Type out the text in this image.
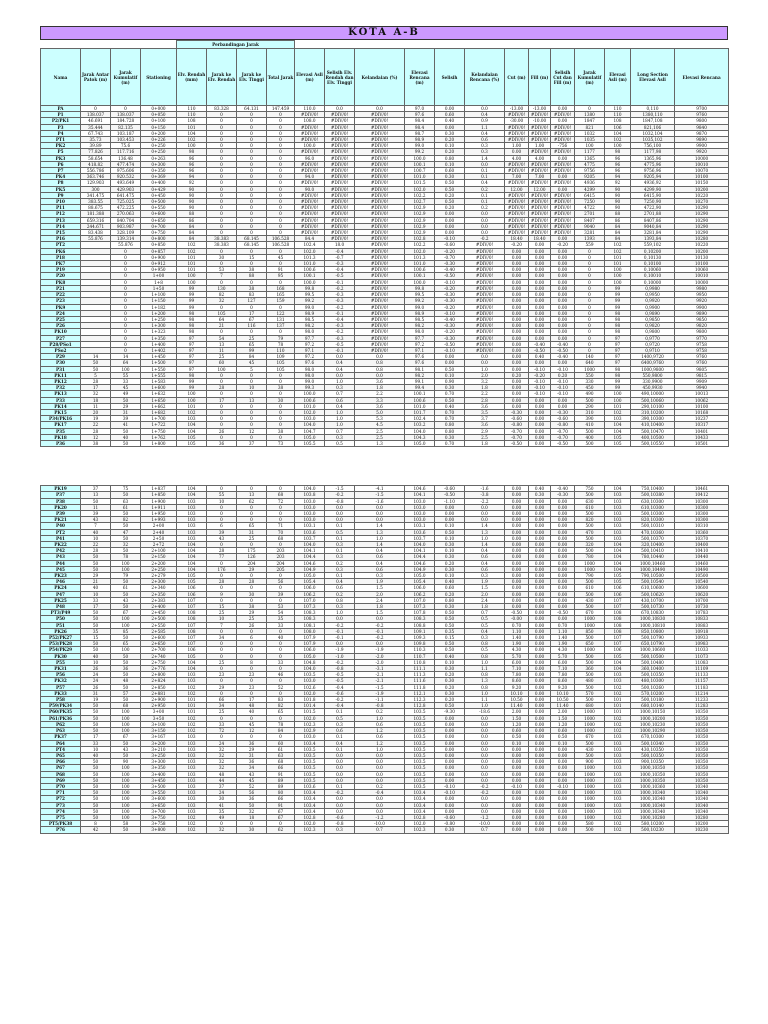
KOTA A-B
				Perbandingan Jarak																
Nama	Jarak Antar Patok (m)	Jarak Kumulatif (m)	Stationing	Elv. Rendah (mm)	Jarak ke Elv. Rendah	Jarak ke Elv. Tinggi	Total Jarak	Elevasi Asli (m)	Selisih Elv. Rendah dan Elv. Tinggi	Kelandaian (%)	Elevasi Rencana (m)	Selisih	Kelandaian Rencana (%)	Cut (m)	Fill (m)	Selisih Cut dan Fill (m)	Jarak Kumulatif (m)	Elevasi Asli (m)	Long Section Elevasi Asli	Elevasi Rencana
PA	0	0	0+000	110	83.328	64.131	147.459	110.0	0.0	0.0	97.0	0.00	0.0	-13.00	-13.00	0.00	0	110	0,110	9700
P1	138.037	138.037	0+050	110	0	0	0	#DIV/0!	#DIV/0!	#DIV/0!	97.6	0.60	0.4	#DIV/0!	#DIV/0!	#DIV/0!	1380	110	1380,110	9760
P2/PK1	46.691	184.728	0+100	108	0	0	0	108.0	#DIV/0!	#DIV/0!	98.4	0.40	0.9	-30.00	-10.00	0.00	1847	108	1847,108	9800
P3	35.444	82.135	0+150	101	0	0	0	#DIV/0!	#DIV/0!	#DIV/0!	98.4	0.00	1.1	#DIV/0!	#DIV/0!	#DIV/0!	821	106	821,106	9840
P4	67.743	103.187	0+200	104	0	0	0	#DIV/0!	#DIV/0!	#DIV/0!	98.7	0.30	0.4	#DIV/0!	#DIV/0!	#DIV/0!	1032	104	1032,104	9870
PT1	35.73	103.453	0+226	102	0	0	0	#DIV/0!	#DIV/0!	#DIV/0!	98.9	0.20	0.6	#DIV/0!	#DIV/0!	#DIV/0!	1035	102	1035,102	9890
PK2	39.89	75.6	0+250	100	0	0	0	100.0	#DIV/0!	#DIV/0!	99.0	0.10	0.3	1.00	1.00	-756	100	100	756,100	9900
P5	77.826	117.716	0+250	98	0	0	0	#DIV/0!	#DIV/0!	#DIV/0!	99.2	0.20	0.3	0.00	#DIV/0!	#DIV/0!	1177	98	1177,98	9920
PK3	58.654	136.48	0+263	96	0	0	0	96.0	#DIV/0!	#DIV/0!	100.0	0.80	1.4	4.00	4.00	0.00	1365	96	1365,96	10000
P6	418.82	477.474	0+300	96	0	0	0	#DIV/0!	#DIV/0!	#DIV/0!	100.1	0.10	0.0	#DIV/0!	#DIV/0!	#DIV/0!	4775	96	4775,96	10010
P7	556.786	975.606	0+350	96	0	0	0	#DIV/0!	#DIV/0!	#DIV/0!	100.7	0.60	0.1	#DIV/0!	#DIV/0!	#DIV/0!	9756	96	9756,96	10070
PK4	363.746	920.532	0+369	94	0	0	0	94.0	#DIV/0!	#DIV/0!	101.0	0.30	0.1	7.00	7.00	0.00	9205	94	9205,94	10100
P8	129.903	493.649	0+400	92	0	0	0	#DIV/0!	#DIV/0!	#DIV/0!	101.5	0.50	0.4	#DIV/0!	#DIV/0!	#DIV/0!	4936	92	4936,92	10150
PK5	300	429.903	0+429	90	0	0	0	90.0	#DIV/0!	#DIV/0!	102.0	0.50	0.2	12.00	12.00	0.00	4299	90	4299,90	10200
P9	341.475	641.475	0+450	90	0	0	0	#DIV/0!	#DIV/0!	#DIV/0!	102.2	0.20	0.1	#DIV/0!	#DIV/0!	#DIV/0!	6415	90	6415,90	10220
P10	383.55	725.025	0+500	90	0	0	0	#DIV/0!	#DIV/0!	#DIV/0!	102.7	0.50	0.1	#DIV/0!	#DIV/0!	#DIV/0!	7250	90	7250,90	10270
P11	88.675	472.225	0+550	90	0	0	0	#DIV/0!	#DIV/0!	#DIV/0!	102.9	0.20	0.2	#DIV/0!	#DIV/0!	#DIV/0!	4722	90	4722,90	10290
P12	181.388	270.063	0+600	88	0	0	0	#DIV/0!	#DIV/0!	#DIV/0!	102.9	0.00	0.0	#DIV/0!	#DIV/0!	#DIV/0!	2701	88	2701,88	10290
P13	659.316	840.704	0+650	86	0	0	0	#DIV/0!	#DIV/0!	#DIV/0!	102.9	0.00	0.0	#DIV/0!	#DIV/0!	#DIV/0!	8407	86	8407,86	10290
P14	244.671	903.987	0+700	84	0	0	0	#DIV/0!	#DIV/0!	#DIV/0!	102.9	0.00	0.0	#DIV/0!	#DIV/0!	#DIV/0!	9040	84	9040,84	10290
P15	83.438	328.109	0+750	84	0	0	0	#DIV/0!	#DIV/0!	#DIV/0!	102.9	0.00	0.0	#DIV/0!	#DIV/0!	#DIV/0!	3281	84	3281,84	10290
P16	55.876	139.314	0+800	84	38.383	68.145	106.528	84.4	#DIV/0!	#DIV/0!	102.8	-0.10	-0.2	18.40	18.40	0.00	1393	84	1393,84	10280
PT2		55.876	0+850	102	38.383	68.145	106.528	102.4	18.0	#DIV/0!	102.2	-0.60	#DIV/0!	-0.20	0.00	-0.20	559	102	559,102	10220
PK6		0	0+857	102	0	0	0	102.0	-0.4	#DIV/0!	102.0	-0.20	#DIV/0!	0.00	0.00	0.00	0	102	0,10200	10200
P18		0	0+900	101	30	15	45	101.3	-0.7	#DIV/0!	101.3	-0.70	#DIV/0!	0.00	0.00	0.00	0	101	0,10130	10130
PK7		0	0+912	101	0	0	0	101.0	-0.3	#DIV/0!	101.0	-0.30	#DIV/0!	0.00	0.00	0.00	0	101	0,10100	10100
P19		0	0+950	101	53	38	91	100.6	-0.4	#DIV/0!	100.6	-0.40	#DIV/0!	0.00	0.00	0.00	0	100	0,10060	10060
P20		0	1+00	100	7	88	95	100.1	-0.5	#DIV/0!	100.1	-0.50	#DIV/0!	0.00	0.00	0.00	0	100	0,10010	10010
PK8		0	1+8	100	0	0	0	100.0	-0.1	#DIV/0!	100.0	-0.10	#DIV/0!	0.00	0.00	0.00	0	100	0,10000	10000
P21		0	1+50	99	130	38	168	99.8	-0.2	#DIV/0!	99.8	-0.20	#DIV/0!	0.00	0.00	0.00	0	99	0,9980	9980
P22		0	1+100	99	82	83	165	99.5	-0.3	#DIV/0!	99.5	-0.30	#DIV/0!	0.00	0.00	0.00	0	99	0,9950	9950
P23		0	1+150	99	32	127	159	99.2	-0.3	#DIV/0!	99.2	-0.30	#DIV/0!	0.00	0.00	0.00	0	99	0,9920	9920
PK9		0	1+182	99	0	0	0	99.0	-0.2	#DIV/0!	99.0	-0.20	#DIV/0!	0.00	0.00	0.00	0	99	0,9900	9900
P24		0	1+200	98	105	17	122	98.9	-0.1	#DIV/0!	98.9	-0.10	#DIV/0!	0.00	0.00	0.00	0	98	0,9890	9890
P25		0	1+250	98	64	67	131	98.5	-0.4	#DIV/0!	98.5	-0.40	#DIV/0!	0.00	0.00	0.00	0	98	0,9850	9850
P26		0	1+300	98	21	116	137	98.2	-0.3	#DIV/0!	98.2	-0.30	#DIV/0!	0.00	0.00	0.00	0	98	0,9820	9820
PK10		0	1+323	98	0	0	0	98.0	-0.2	#DIV/0!	98.0	-0.20	#DIV/0!	0.00	0.00	0.00	0	98	0,9800	9800
P27		0	1+350	97	54	25	79	97.7	-0.3	#DIV/0!	97.7	-0.30	#DIV/0!	0.00	0.00	0.00	0	97	0,9770	9770
P28/PSo1		0	1+400	97	13	65	78	97.2	-0.5	#DIV/0!	97.2	-0.50	#DIV/0!	0.00	-0.40	-0.40	0	97	0,9720	9758
PSo2		0	1+402	97	11	99	110	97.1	-0.1	#DIV/0!	97.1	-0.10	#DIV/0!	0.00	-0.50	-0.50	0	97	0,9710	9758
P29	14	14	1+450	97	25	84	109	97.2	0.0	0.0	97.6	0.00	0.0	0.00	0.40	-0.40	140	97	1400,9720	9760
P30	50	64	1+500	97	60	45	105	97.6	0.4	0.8	97.6	0.00	0.0	0.00	0.00	0.00	640	97	6400,9760	9760
P31	50	100	1+550	97	100	5	105	98.0	0.4	0.8	98.1	0.50	1.0	0.00	-0.10	-0.10	1000	98	1000,9800	9805
PK11	5	55	1+555	98	0	0	0	98.0	0.0	0.0	98.2	0.10	2.0	0.20	-0.20	0.20	550	98	550,9800	9815
PK12	28	33	1+583	99	0	0	0	99.0	1.0	3.6	99.1	0.90	3.2	0.00	-0.10	-0.10	330	99	330,9900	9909
P32	17	45	1+600	99	28	10	38	99.3	0.3	1.8	99.4	0.30	1.8	0.00	-0.10	-0.10	450	99	450,9930	9940
PK13	32	49	1+632	100	0	0	0	100.0	0.7	2.2	100.1	0.70	2.2	0.00	-0.10	-0.10	490	100	490,10000	10013
P33	18	50	1+650	100	17	13	30	100.6	0.6	3.3	100.6	0.50	2.8	0.00	0.00	0.00	500	100	500,10060	10062
PK14	11	29	1+662	101	0	0	0	101.0	0.4	3.6	101.0	0.40	3.6	0.00	0.00	0.00	290	101	290,10100	10100
PK15	20	31	1+682	102	0	0	0	102.0	1.0	5.0	101.7	0.70	3.5	-0.30	0.00	-0.30	310	102	310,10200	10168
P34/PK16	19	39	1+700	103	0	0	0	103.0	1.0	5.3	102.4	0.70	3.7	-0.60	0.00	-0.60	390	103	390,10300	10237
PK17	22	41	1+722	104	0	0	0	104.0	1.0	4.5	103.2	0.80	3.6	-0.80	0.00	-0.80	410	104	410,10400	10317
P35	28	50	1+750	104	26	12	38	104.7	0.7	2.5	104.0	0.80	2.9	-0.70	0.00	-0.70	500	104	500,10470	10401
PK18	12	40	1+762	105	0	0	0	105.0	0.3	2.5	104.3	0.30	2.5	-0.70	0.00	-0.70	400	105	400,10500	10433
P36	38	50	1+800	105	36	37	73	105.5	0.5	1.3	105.0	0.70	1.8	-0.50	0.00	-0.50	500	105	500,10550	10501
PK19	37	75	1+837	104	0	0	0	104.0	-1.5	-4.1	104.6	-0.60	-1.6	0.00	0.40	-0.40	750	104	750,10400	10461
P37	13	50	1+850	104	55	13	68	103.8	-0.2	-1.5	104.1	-0.50	-3.8	0.00	0.30	-0.30	500	103	500,10380	10412
P38	50	63	1+900	103	10	62	72	103.0	-0.8	-1.6	103.0	-1.10	-2.2	0.00	0.00	0.00	630	103	630,10300	10300
PK20	11	61	1+911	103	0	0	0	103.0	0.0	0.0	103.0	0.00	0.0	0.00	0.00	0.00	610	103	610,10300	10300
P39	39	50	1+950	103	0	0	0	103.0	0.0	0.0	103.0	0.00	0.0	0.00	0.00	0.00	500	103	500,10300	10300
PK21	43	82	1+993	103	0	0	0	103.0	0.0	0.0	103.0	0.00	0.0	0.00	0.00	0.00	820	103	820,10300	10300
P40	7	50	2+00	103	6	65	71	103.1	0.1	1.4	103.1	0.10	1.4	0.00	0.00	0.00	500	103	500,10310	10310
PT2	40	47	2+40	103	39	31	70	103.6	0.5	1.3	103.6	0.50	1.3	0.00	0.00	0.00	470	103	470,10360	10360
P41	10	50	2+50	103	43	25	68	103.7	0.1	1.0	103.7	0.10	1.0	0.00	0.00	0.00	500	103	500,10370	10370
PK22	22	32	2+72	104	0	0	0	104.0	0.3	1.4	104.0	0.30	1.4	0.00	0.00	0.00	320	104	320,10400	10400
P42	28	50	2+100	104	28	175	203	104.1	0.1	0.4	104.1	0.10	0.4	0.00	0.00	0.00	500	104	500,10410	10410
P43	50	78	2+150	104	77	126	203	104.4	0.3	0.6	104.4	0.30	0.6	0.00	0.00	0.00	780	104	780,10440	10440
P44	50	100	2+200	104	0	204	204	104.6	0.2	0.4	104.6	0.20	0.4	0.00	0.00	0.00	1000	104	1000,10460	10460
P45	50	100	2+250	104	176	29	205	104.9	0.3	0.6	104.9	0.30	0.6	0.00	0.00	0.00	1000	104	1000,10490	10490
PK23	29	79	2+279	105	0	0	0	105.0	0.1	0.3	105.0	0.10	0.3	0.00	0.00	0.00	790	105	790,10500	10500
P46	21	50	2+300	105	28	28	56	105.4	0.4	1.9	105.4	0.40	1.9	0.00	0.00	0.00	500	105	500,10540	10540
PK24	40	61	2+340	106	0	0	0	106.0	0.6	1.5	106.0	0.60	1.5	0.00	0.00	0.00	610	106	610,10600	10600
P47	10	50	2+350	106	9	30	39	106.2	0.2	2.0	106.2	0.20	2.0	0.00	0.00	0.00	500	106	500,10620	10620
PK25	33	43	2+383	107	0	0	0	107.0	0.8	2.4	107.0	0.80	2.4	0.00	0.00	0.00	430	107	430,10700	10700
P48	17	50	2+400	107	15	38	53	107.3	0.3	1.8	107.3	0.30	1.8	0.00	0.00	0.00	500	107	500,10730	10730
PT3/P49	50	67	2+450	108	25	29	54	108.3	1.0	1.5	107.8	0.50	0.7	-0.50	0.00	-0.50	670	108	670,10830	10783
P50	50	100	2+500	108	10	25	35	108.3	0.0	0.0	108.3	0.50	0.5	-0.00	0.00	0.00	1000	108	1000,10830	10833
P51	50	100	2+550	107	7	26	33	108.1	-0.2	-0.2	108.8	0.50	0.5	0.70	0.00	0.70	1000	108	1000,10810	10883
PK26	35	85	2+585	108	0	0	0	108.0	-0.1	-0.1	109.1	0.35	0.4	1.10	0.00	1.10	850	108	850,10800	10918
P52/PK27	15	50	2+600	107	34	6	40	107.9	-0.1	-0.2	109.3	0.15	0.3	1.40	0.00	1.40	500	107	500,10790	10933
P53/PK28	50	65	2+650	107	0	0	0	107.9	0.0	0.0	109.8	0.50	0.8	1.90	0.00	1.90	650	107	650,10790	10983
P54/PK29	50	100	2+700	106	0	0	0	106.0	-1.9	-1.9	110.3	0.50	0.5	4.30	0.00	4.30	1000	106	1000,10600	11033
PK30	40	50	2+740	105	0	0	0	105.0	-1.0	-2.0	110.7	0.40	0.8	5.70	0.00	5.70	500	105	500,10500	11073
P55	10	50	2+750	104	25	8	33	104.8	-0.2	-2.0	110.8	0.10	1.0	6.00	0.00	6.00	500	104	500,10480	11083
PK31	26	36	2+776	104	0	0	0	104.0	-0.8	-3.1	111.1	0.30	1.1	7.10	0.00	7.10	360	104	360,10400	11109
P56	24	50	2+800	103	23	23	46	103.5	-0.5	-2.1	111.3	0.20	0.8	7.80	0.00	7.80	500	103	500,10350	11133
PK32	24	48	2+824	103	0	0	0	103.0	-0.5	-2.1	111.6	0.30	1.3	8.60	0.00	8.60	480	103	480,10300	11157
P57	26	50	2+850	102	29	23	52	102.6	-0.4	-1.5	111.8	0.20	0.8	9.20	0.00	9.20	500	102	500,10260	11183
PK33	31	57	2+881	102	0	0	0	102.0	-0.6	-1.9	112.1	0.30	1.0	10.10	0.00	10.10	570	102	570,10200	11214
P58	19	50	2+900	101	66	17	83	101.8	-0.2	-1.1	112.3	0.20	1.1	10.50	0.00	10.50	500	101	500,10180	11233
P59/PK34	50	68	2+950	101	34	48	82	101.4	-0.4	-0.8	112.8	0.50	1.0	11.40	0.00	11.40	680	101	680,10140	11283
P60/PK35	50	100	3+00	101	25	40	65	101.5	0.1	0.2	103.5	-9.30	-18.6	2.00	0.00	2.00	1000	101	1000,10150	10350
P61/PK36	50	100	3+50	102	0	0	0	102.0	0.5	1.0	103.5	0.00	0.0	1.50	0.00	1.50	1000	102	1000,10200	10350
P62	50	100	3+100	102	33	45	78	102.3	0.3	0.6	103.5	0.00	0.0	1.20	0.00	1.20	1000	102	1000,10230	10350
P63	50	100	3+150	102	72	12	84	102.9	0.6	1.2	103.5	0.00	0.0	0.60	0.00	0.60	1000	102	1000,10290	10350
PK37	17	67	3+167	103	0	0	0	103.0	0.1	0.6	103.5	0.00	0.0	0.50	0.00	0.50	670	103	670,10300	10350
P64	33	50	3+200	103	24	36	60	103.4	0.4	1.2	103.5	0.00	0.0	0.10	0.00	0.10	500	103	500,10340	10350
PT4	10	43	3+210	103	32	29	61	103.5	0.1	1.0	103.5	0.00	0.0	0.00	0.00	0.00	430	103	430,10350	10350
P65	40	50	3+250	103	32	31	63	103.5	0.0	0.0	103.5	0.00	0.0	0.00	0.00	0.00	500	103	500,10350	10350
P66	50	90	3+300	103	32	36	68	103.5	0.0	0.0	103.5	0.00	0.0	0.00	0.00	0.00	900	103	900,10350	10350
P67	50	100	3+350	103	32	34	66	103.5	0.0	0.0	103.5	0.00	0.0	0.00	0.00	0.00	1000	103	1000,10350	10350
P68	50	100	3+400	103	48	43	91	103.5	0.0	0.0	103.5	0.00	0.0	0.00	0.00	0.00	1000	103	1000,10350	10350
P69	50	100	3+450	103	44	45	89	103.5	0.0	0.0	103.5	0.00	0.0	0.00	0.00	0.00	1000	103	1000,10350	10350
P70	50	100	3+500	103	37	52	89	103.6	0.1	0.2	103.5	-0.10	-0.2	-0.10	0.00	-0.10	1000	103	1000,10360	10340
P71	50	100	3+550	103	24	56	80	103.4	-0.2	-0.4	103.4	-0.10	-0.2	0.00	0.00	0.00	1000	103	1000,10340	10340
P72	50	100	3+600	103	30	36	66	103.4	0.0	0.0	103.4	0.00	0.0	0.00	0.00	0.00	1000	103	1000,10340	10340
P73	50	100	3+650	103	41	50	91	103.4	0.0	0.0	103.4	0.00	0.0	0.00	0.00	0.00	1000	103	1000,10340	10340
P74	50	100	3+700	103	35	32	67	103.4	0.0	0.0	103.4	0.00	0.0	0.00	0.00	0.00	1000	103	1000,10340	10340
P75	50	100	3+750	102	49	18	67	102.8	-0.6	-1.2	102.8	-0.60	-1.2	0.00	0.00	0.00	1000	102	1000,10280	10280
PT5/PK38	8	58	3+758	102	0	0	0	102.0	-0.8	-10.0	102.0	-0.80	-10.0	0.00	0.00	0.00	580	102	580,10200	10200
P76	42	50	3+800	102	32	30	62	102.3	0.3	0.7	102.3	0.30	0.7	0.00	0.00	0.00	500	102	500,10230	10230
